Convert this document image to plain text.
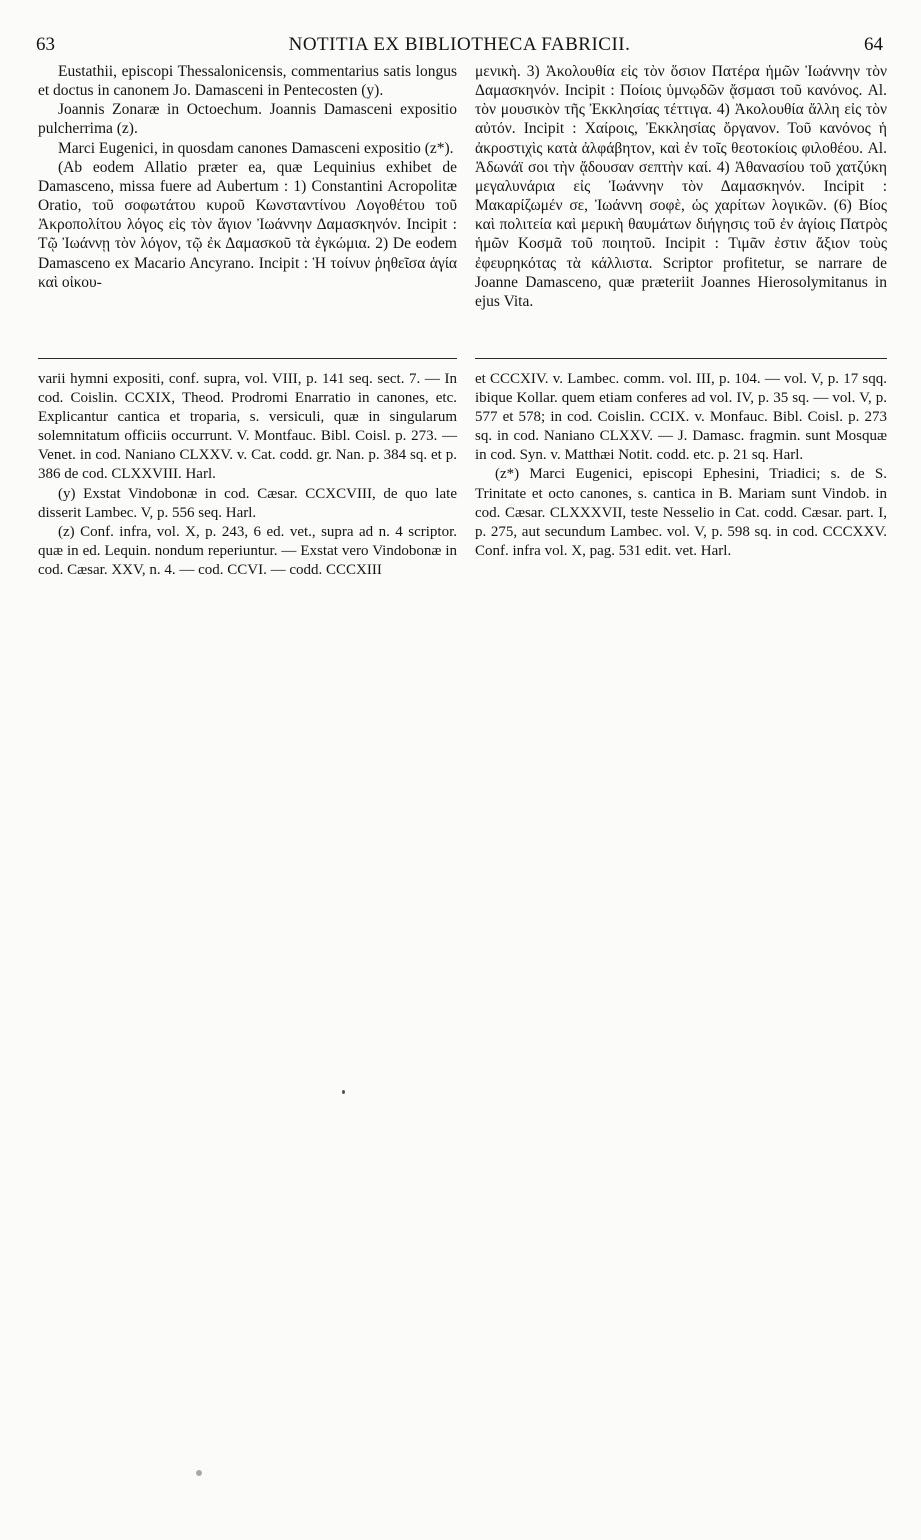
63	NOTITIA EX BIBLIOTHECA FABRICII.	64

Eustathii, episcopi Thessalonicensis, commentarius satis longus et doctus in canonem Jo. Damasceni in Pentecosten (y).

Joannis Zonaræ in Octoechum. Joannis Damasceni expositio pulcherrima (z).

Marci Eugenici, in quosdam canones Damasceni expositio (z*).

(Ab eodem Allatio præter ea, quæ Lequinius exhibet de Damasceno, missa fuere ad Aubertum : 1) Constantini Acropolitæ Oratio, τοῦ σοφωτάτου κυροῦ Κωνσταντίνου Λογοθέτου τοῦ Ἀκροπολίτου λόγος εἰς τὸν ἅγιον Ἰωάννην Δαμασκηνόν. Incipit : Τῷ Ἰωάννῃ τὸν λόγον, τῷ ἐκ Δαμασκοῦ τὰ ἐγκώμια. 2) De eodem Damasceno ex Macario Ancyrano. Incipit : Ἡ τοίνυν ῥηθεῖσα ἁγία καὶ οἰκου-

μενικὴ. 3) Ἀκολουθία εἰς τὸν ὅσιον Πατέρα ἡμῶν Ἰωάννην τὸν Δαμασκηνόν. Incipit : Ποίοις ὑμνῳδῶν ᾄσμασι τοῦ κανόνος. Al. τὸν μουσικὸν τῆς Ἐκκλησίας τέττιγα. 4) Ἀκολουθία ἄλλη εἰς τὸν αὐτόν. Incipit : Χαίροις, Ἐκκλησίας ὄργανον. Τοῦ κανόνος ἡ ἀκροστιχὶς κατὰ ἀλφάβητον, καὶ ἐν τοῖς θεοτοκίοις φιλοθέου. Al. Ἀδωνάϊ σοι τὴν ᾄδουσαν σεπτὴν καί. 4) Ἀθανασίου τοῦ χατζύκη μεγαλυνάρια εἰς Ἰωάννην τὸν Δαμασκηνόν. Incipit : Μακαρίζωμέν σε, Ἰωάννη σοφὲ, ὡς χαρίτων λογικῶν. (6) Βίος καὶ πολιτεία καὶ μερικὴ θαυμάτων διήγησις τοῦ ἐν ἁγίοις Πατρὸς ἡμῶν Κοσμᾶ τοῦ ποιητοῦ. Incipit : Τιμᾶν ἐστιν ἄξιον τοὺς ἐφευρηκότας τὰ κάλλιστα. Scriptor profitetur, se narrare de Joanne Damasceno, quæ præteriit Joannes Hierosolymitanus in ejus Vita.

varii hymni expositi, conf. supra, vol. VIII, p. 141 seq. sect. 7. — In cod. Coislin. CCXIX, Theod. Prodromi Enarratio in canones, etc. Explicantur cantica et troparia, s. versiculi, quæ in singularum solemnitatum officiis occurrunt. V. Montfauc. Bibl. Coisl. p. 273. — Venet. in cod. Naniano CLXXV. v. Cat. codd. gr. Nan. p. 384 sq. et p. 386 de cod. CLXXVIII. Harl.

(y) Exstat Vindobonæ in cod. Cæsar. CCXCVIII, de quo late disserit Lambec. V, p. 556 seq. Harl.

(z) Conf. infra, vol. X, p. 243, 6 ed. vet., supra ad n. 4 scriptor. quæ in ed. Lequin. nondum reperiuntur. — Exstat vero Vindobonæ in cod. Cæsar. XXV, n. 4. — cod. CCVI. — codd. CCCXIII

et CCCXIV. v. Lambec. comm. vol. III, p. 104. — vol. V, p. 17 sqq. ibique Kollar. quem etiam conferes ad vol. IV, p. 35 sq. — vol. V, p. 577 et 578; in cod. Coislin. CCIX. v. Monfauc. Bibl. Coisl. p. 273 sq. in cod. Naniano CLXXV. — J. Damasc. fragmin. sunt Mosquæ in cod. Syn. v. Matthæi Notit. codd. etc. p. 21 sq. Harl.

(z*) Marci Eugenici, episcopi Ephesini, Triadici; s. de S. Trinitate et octo canones, s. cantica in B. Mariam sunt Vindob. in cod. Cæsar. CLXXXVII, teste Nesselio in Cat. codd. Cæsar. part. I, p. 275, aut secundum Lambec. vol. V, p. 598 sq. in cod. CCCXXV. Conf. infra vol. X, pag. 531 edit. vet. Harl.
